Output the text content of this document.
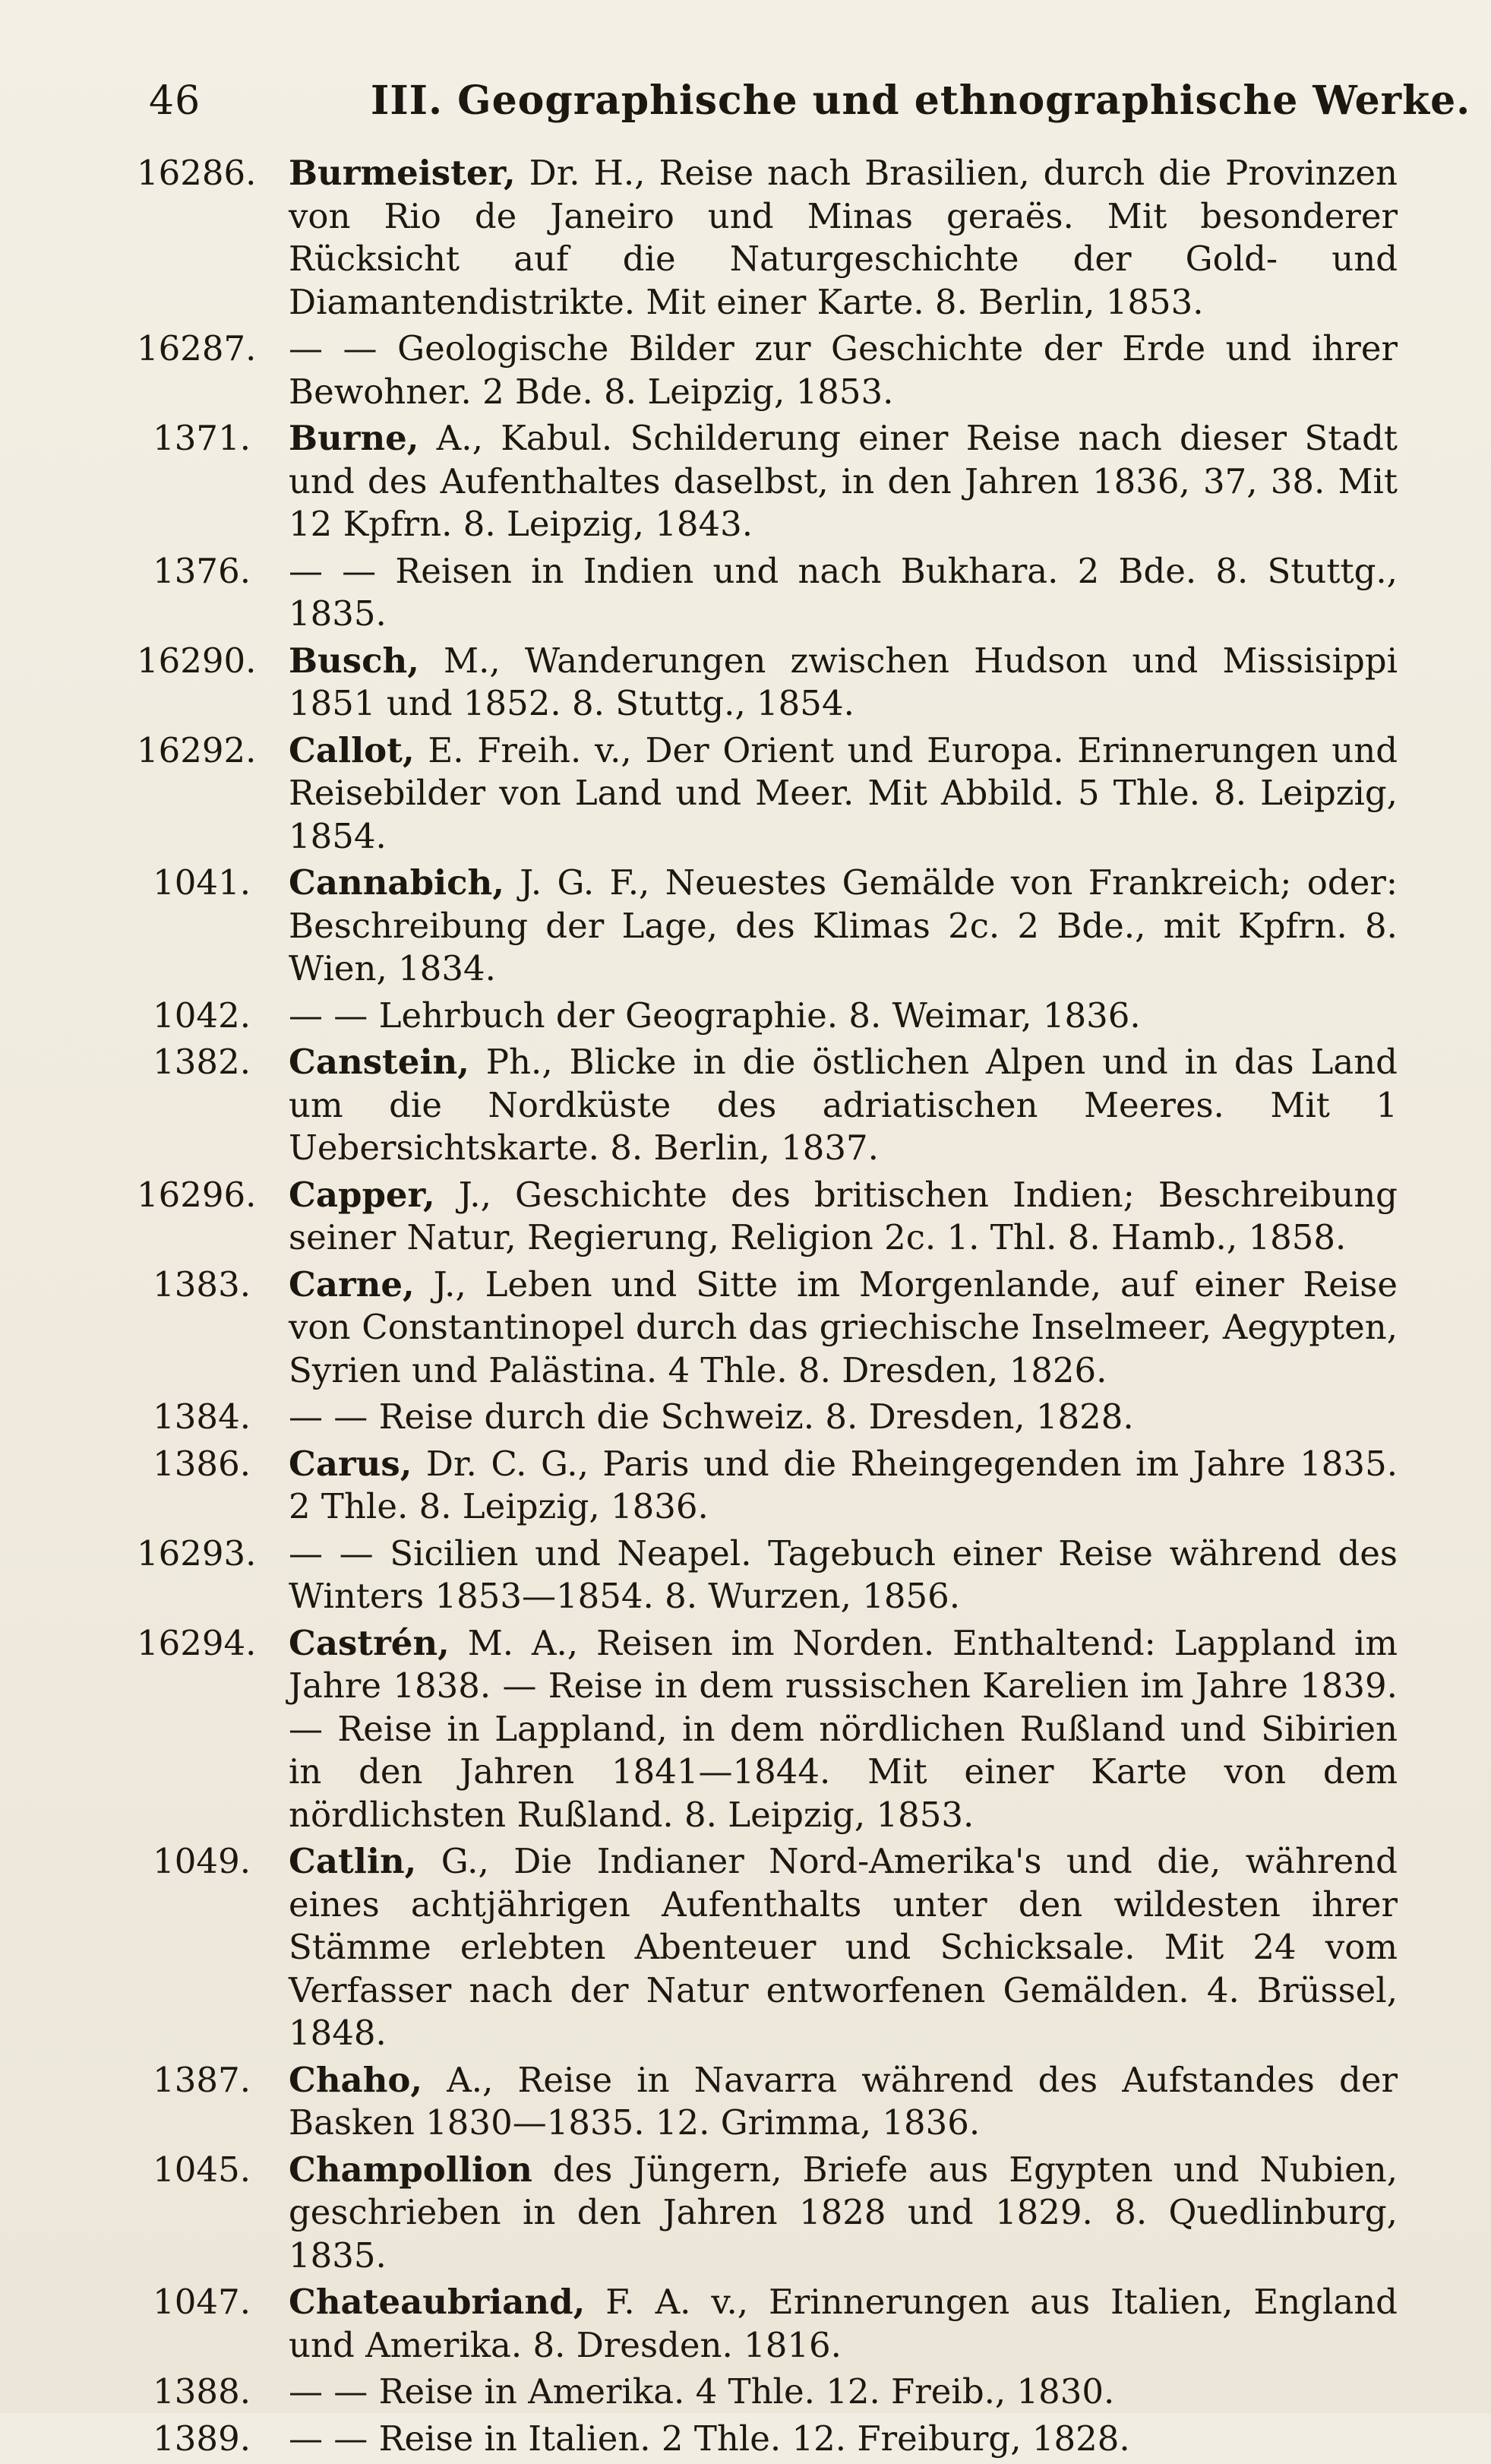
46	III. Geographische und ethnographische Werke.
16286. Burmeister, Dr. H., Reise nach Brasilien, durch die Provinzen von Rio de Janeiro und Minas geraës. Mit besonderer Rücksicht auf die Naturgeschichte der Gold- und Diamantendistrikte. Mit einer Karte. 8. Berlin, 1853.
16287. — — Geologische Bilder zur Geschichte der Erde und ihrer Bewohner. 2 Bde. 8. Leipzig, 1853.
1371. Burne, A., Kabul. Schilderung einer Reise nach dieser Stadt und des Aufenthaltes daselbst, in den Jahren 1836, 37, 38. Mit 12 Kpfrn. 8. Leipzig, 1843.
1376. — — Reisen in Indien und nach Bukhara. 2 Bde. 8. Stuttg., 1835.
16290. Busch, M., Wanderungen zwischen Hudson und Missisippi 1851 und 1852. 8. Stuttg., 1854.
16292. Callot, E. Freih. v., Der Orient und Europa. Erinnerungen und Reisebilder von Land und Meer. Mit Abbild. 5 Thle. 8. Leipzig, 1854.
1041. Cannabich, J. G. F., Neuestes Gemälde von Frankreich; oder: Beschreibung der Lage, des Klimas 2c. 2 Bde., mit Kpfrn. 8. Wien, 1834.
1042. — — Lehrbuch der Geographie. 8. Weimar, 1836.
1382. Canstein, Ph., Blicke in die östlichen Alpen und in das Land um die Nordküste des adriatischen Meeres. Mit 1 Uebersichtskarte. 8. Berlin, 1837.
16296. Capper, J., Geschichte des britischen Indien; Beschreibung seiner Natur, Regierung, Religion 2c. 1. Thl. 8. Hamb., 1858.
1383. Carne, J., Leben und Sitte im Morgenlande, auf einer Reise von Constantinopel durch das griechische Inselmeer, Aegypten, Syrien und Palästina. 4 Thle. 8. Dresden, 1826.
1384. — — Reise durch die Schweiz. 8. Dresden, 1828.
1386. Carus, Dr. C. G., Paris und die Rheingegenden im Jahre 1835. 2 Thle. 8. Leipzig, 1836.
16293. — — Sicilien und Neapel. Tagebuch einer Reise während des Winters 1853—1854. 8. Wurzen, 1856.
16294. Castrén, M. A., Reisen im Norden. Enthaltend: Lappland im Jahre 1838. — Reise in dem russischen Karelien im Jahre 1839. — Reise in Lappland, in dem nördlichen Rußland und Sibirien in den Jahren 1841—1844. Mit einer Karte von dem nördlichsten Rußland. 8. Leipzig, 1853.
1049. Catlin, G., Die Indianer Nord-Amerika's und die, während eines achtjährigen Aufenthalts unter den wildesten ihrer Stämme erlebten Abenteuer und Schicksale. Mit 24 vom Verfasser nach der Natur entworfenen Gemälden. 4. Brüssel, 1848.
1387. Chaho, A., Reise in Navarra während des Aufstandes der Basken 1830—1835. 12. Grimma, 1836.
1045. Champollion des Jüngern, Briefe aus Egypten und Nubien, geschrieben in den Jahren 1828 und 1829. 8. Quedlinburg, 1835.
1047. Chateaubriand, F. A. v., Erinnerungen aus Italien, England und Amerika. 8. Dresden. 1816.
1388. — — Reise in Amerika. 4 Thle. 12. Freib., 1830.
1389. — — Reise in Italien. 2 Thle. 12. Freiburg, 1828.
